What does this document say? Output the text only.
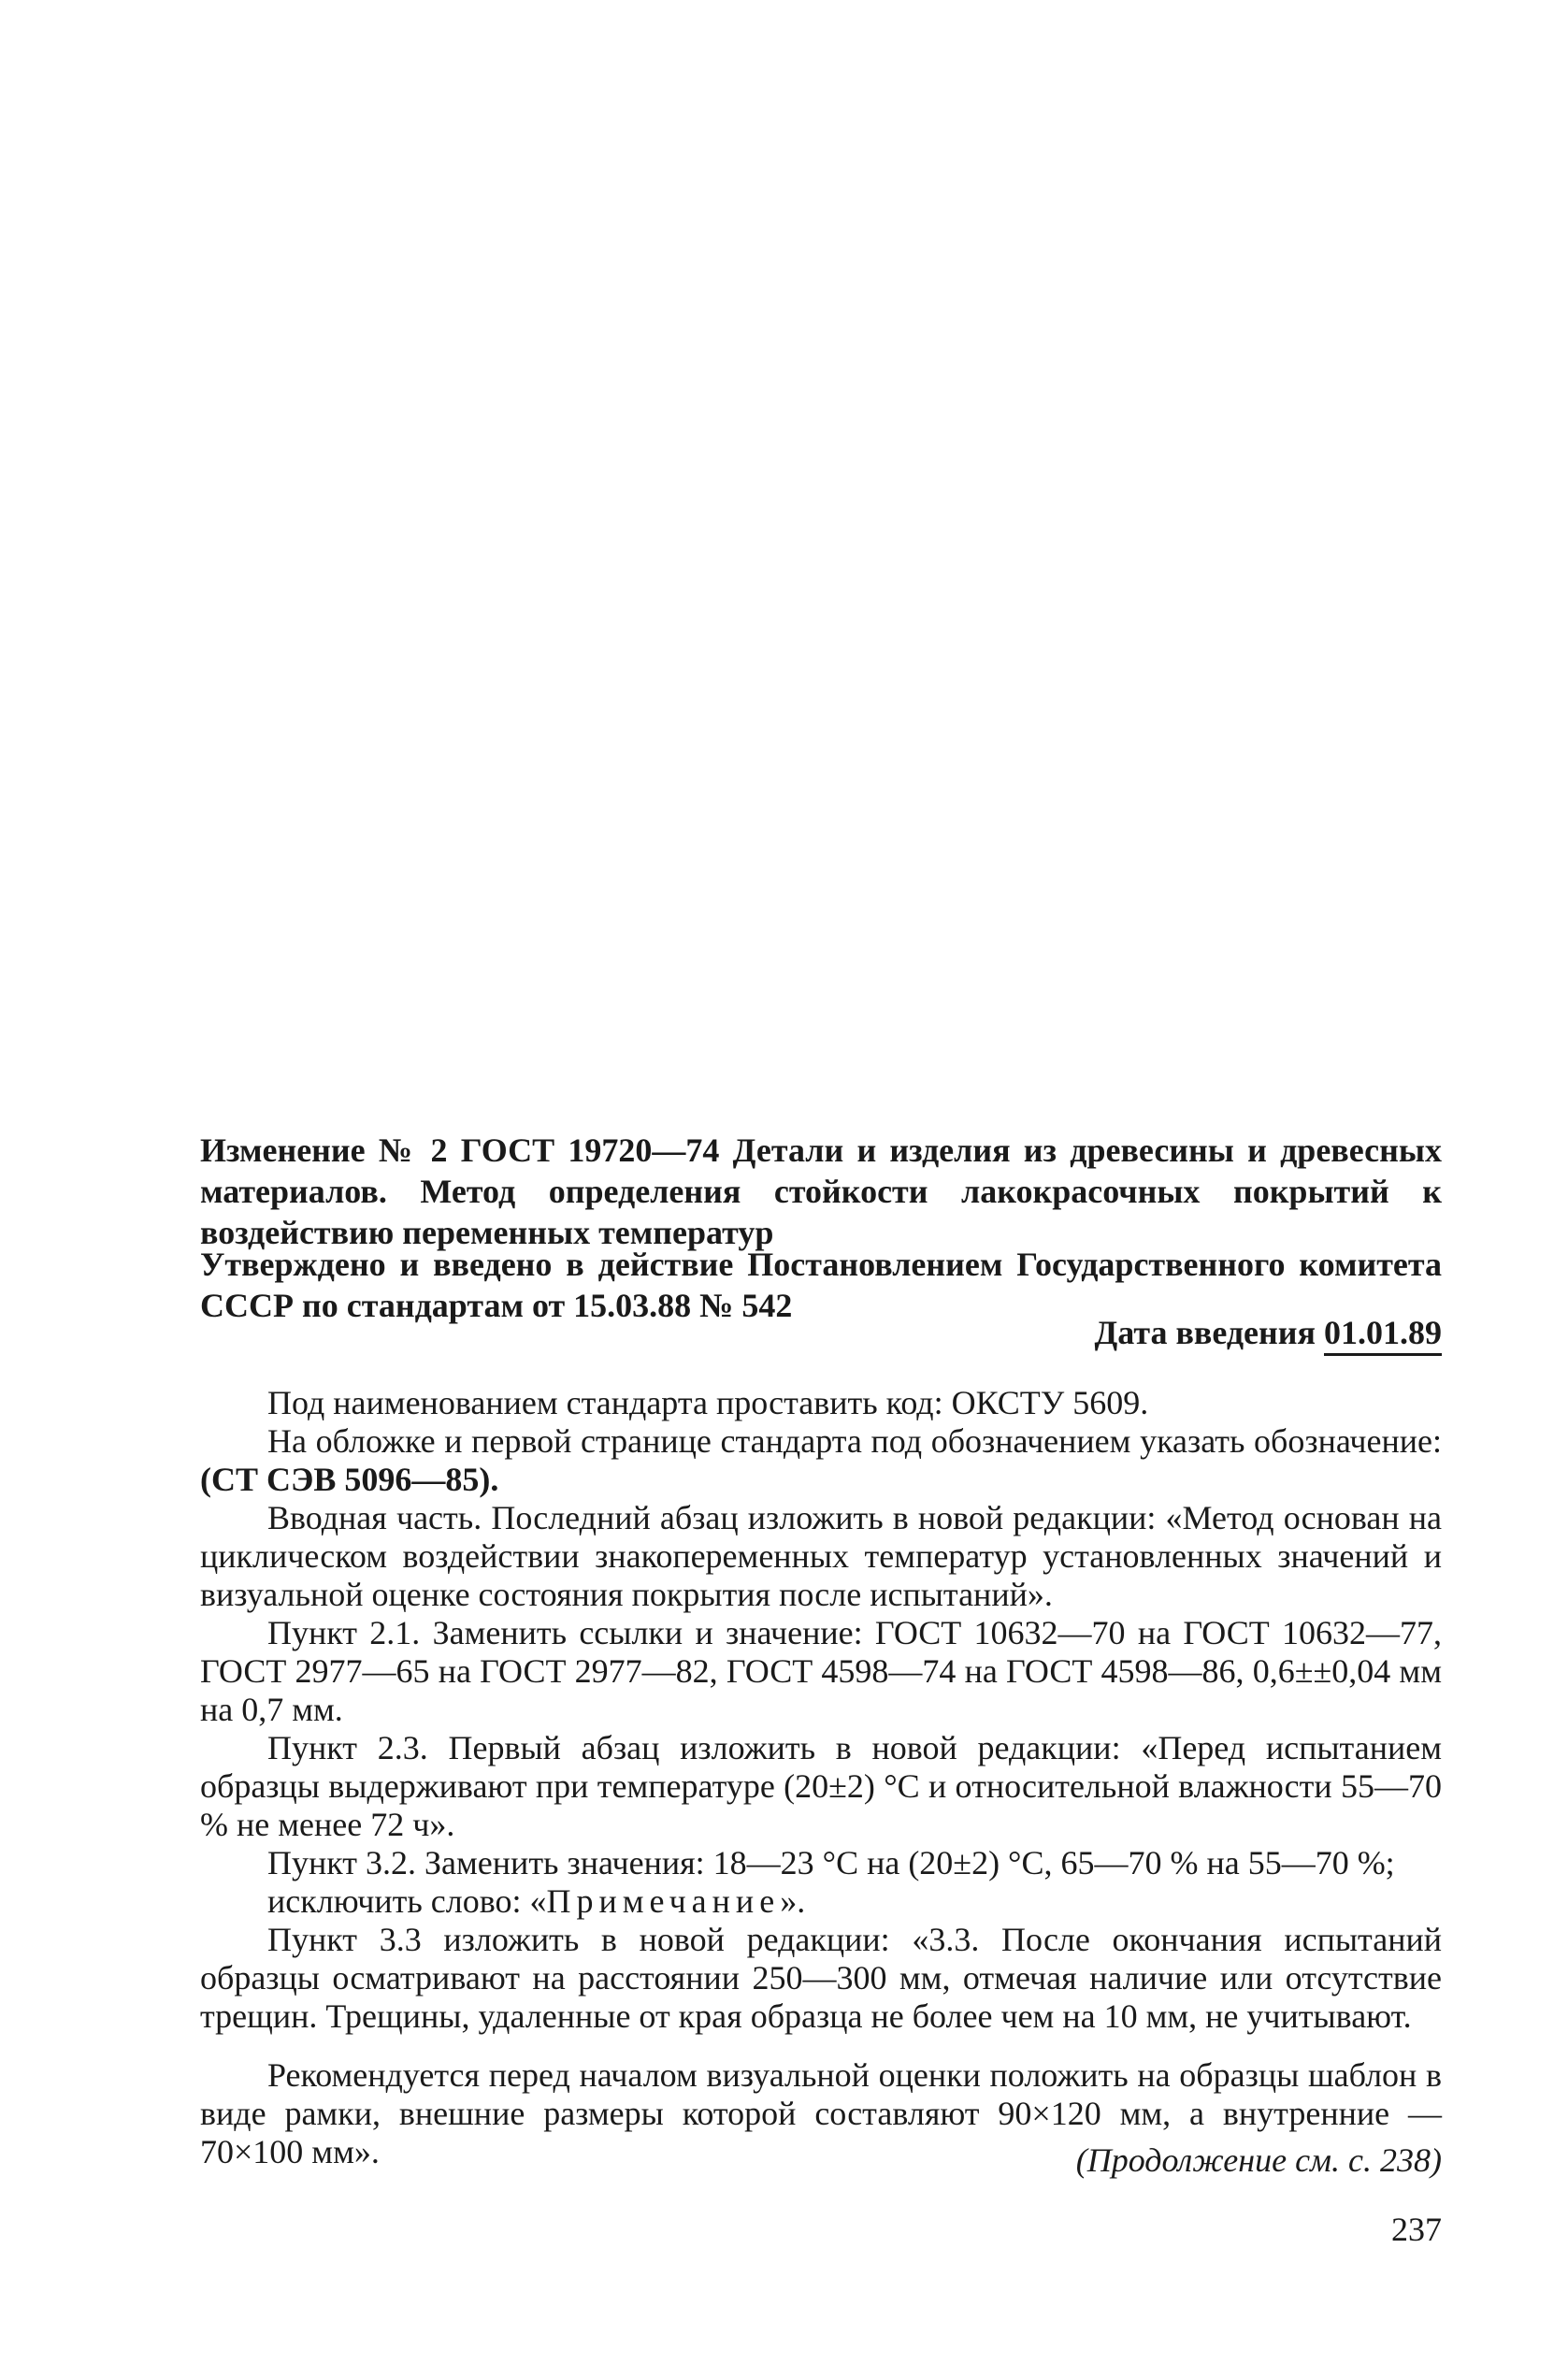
Изменение № 2 ГОСТ 19720—74 Детали и изделия из древесины и древесных материалов. Метод определения стойкости лакокрасочных покрытий к воздействию переменных температур
Утверждено и введено в действие Постановлением Государственного комитета СССР по стандартам от 15.03.88 № 542
Дата введения 01.01.89

  Под наименованием стандарта проставить код: ОКСТУ 5609.

  На обложке и первой странице стандарта под обозначением указать обозначение: (СТ СЭВ 5096—85).

  Вводная часть. Последний абзац изложить в новой редакции: «Метод основан на циклическом воздействии знакопеременных температур установленных значений и визуальной оценке состояния покрытия после испытаний».

  Пункт 2.1. Заменить ссылки и значение: ГОСТ 10632—70 на ГОСТ 10632—77, ГОСТ 2977—65 на ГОСТ 2977—82, ГОСТ 4598—74 на ГОСТ 4598—86, 0,6±±0,04 мм на 0,7 мм.

  Пункт 2.3. Первый абзац изложить в новой редакции: «Перед испытанием образцы выдерживают при температуре (20±2) °С и относительной влажности 55—70 % не менее 72 ч».

  Пункт 3.2. Заменить значения: 18—23 °С на (20±2) °С, 65—70 % на 55—70 %;

  исключить слово: «Примечание».

  Пункт 3.3 изложить в новой редакции: «3.3. После окончания испытаний образцы осматривают на расстоянии 250—300 мм, отмечая наличие или отсутствие трещин. Трещины, удаленные от края образца не более чем на 10 мм, не учитывают.

  Рекомендуется перед началом визуальной оценки положить на образцы шаблон в виде рамки, внешние размеры которой составляют 90×120 мм, а внутренние — 70×100 мм».	(Продолжение см. с. 238)
237
